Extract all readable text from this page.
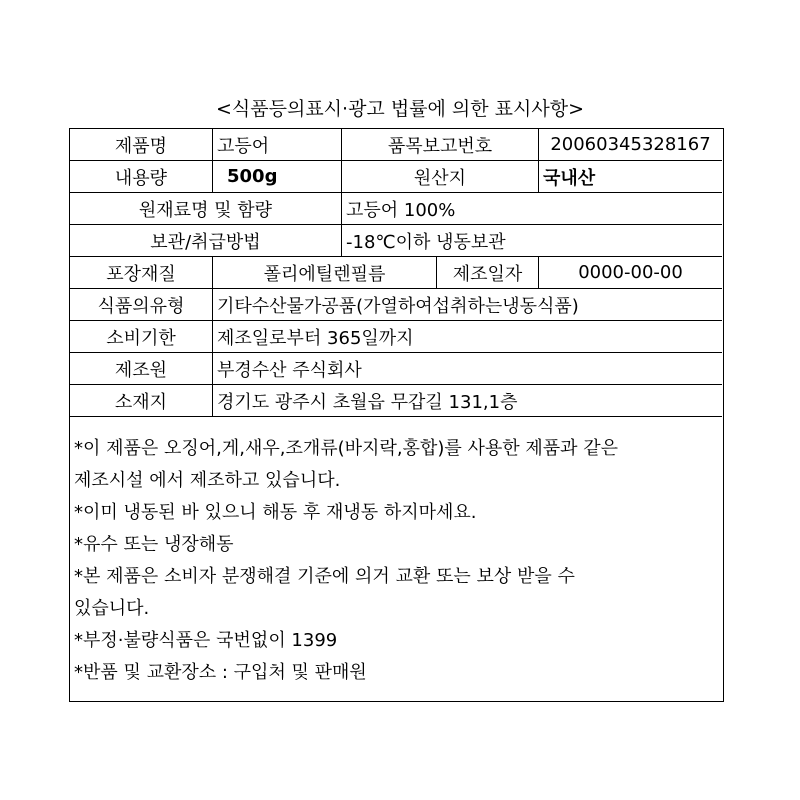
<식품등의표시·광고 법률에 의한 표시사항>
제품명	고등어	품목보고번호	20060345328167
내용량	500g	원산지	국내산
원재료명 및 함량	고등어 100%
보관/취급방법	-18℃이하 냉동보관
포장재질	폴리에틸렌필름	제조일자	0000-00-00
식품의유형	기타수산물가공품(가열하여섭취하는냉동식품)
소비기한	제조일로부터 365일까지
제조원	부경수산 주식회사
소재지	경기도 광주시 초월읍 무갑길 131,1층
*이 제품은 오징어,게,새우,조개류(바지락,홍합)를 사용한 제품과 같은
제조시설 에서 제조하고 있습니다.
*이미 냉동된 바 있으니 해동 후 재냉동 하지마세요.
*유수 또는 냉장해동
*본 제품은 소비자 분쟁해결 기준에 의거 교환 또는 보상 받을 수
있습니다.
*부정·불량식품은 국번없이 1399
*반품 및 교환장소 : 구입처 및 판매원
